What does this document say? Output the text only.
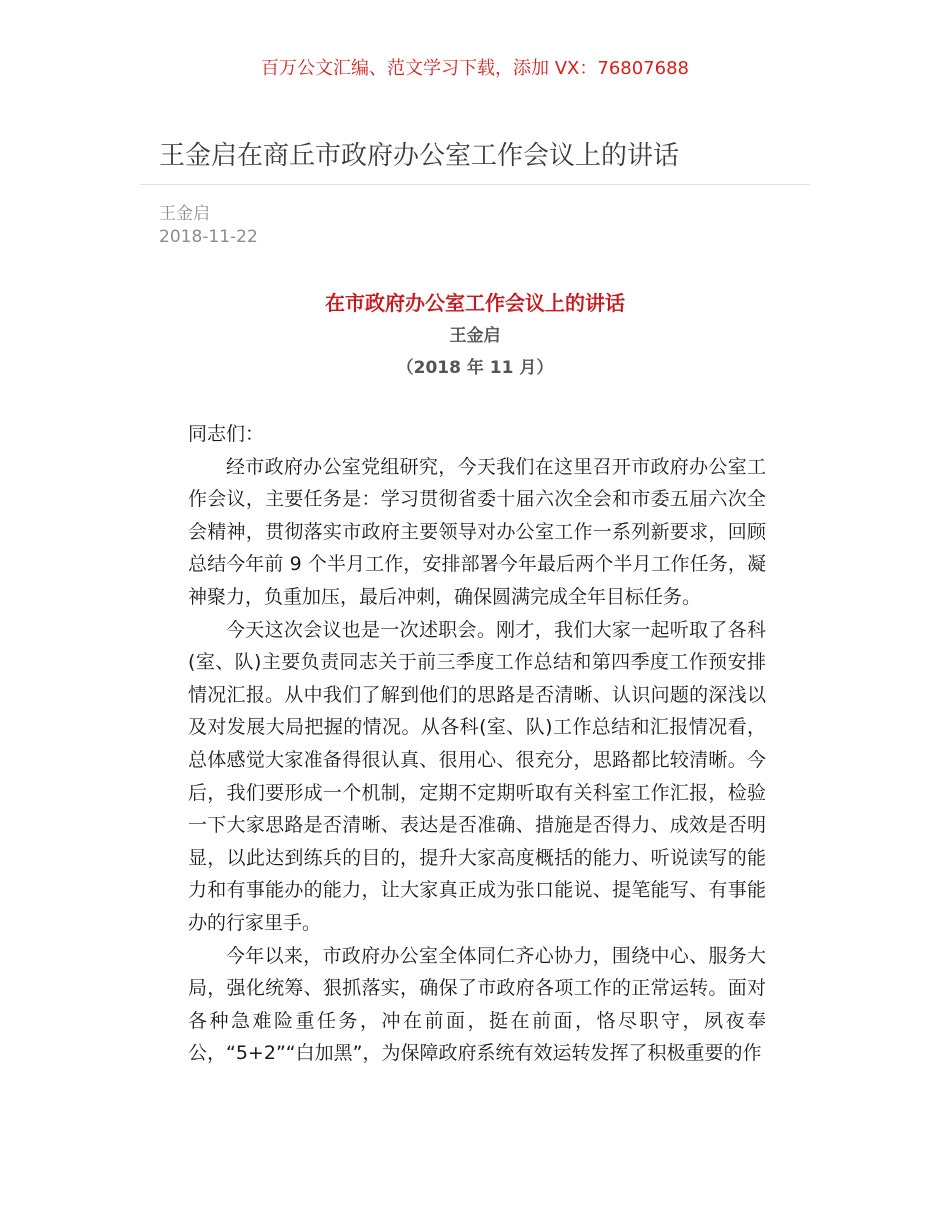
百万公文汇编、范文学习下载，添加 VX：76807688
王金启在商丘市政府办公室工作会议上的讲话
王金启
2018-11-22
在市政府办公室工作会议上的讲话
王金启
（2018 年 11 月）

同志们：

经市政府办公室党组研究，今天我们在这里召开市政府办公室工作会议，主要任务是：学习贯彻省委十届六次全会和市委五届六次全会精神，贯彻落实市政府主要领导对办公室工作一系列新要求，回顾总结今年前 9 个半月工作，安排部署今年最后两个半月工作任务，凝神聚力，负重加压，最后冲刺，确保圆满完成全年目标任务。

今天这次会议也是一次述职会。刚才，我们大家一起听取了各科(室、队)主要负责同志关于前三季度工作总结和第四季度工作预安排情况汇报。从中我们了解到他们的思路是否清晰、认识问题的深浅以及对发展大局把握的情况。从各科(室、队)工作总结和汇报情况看，总体感觉大家准备得很认真、很用心、很充分，思路都比较清晰。今后，我们要形成一个机制，定期不定期听取有关科室工作汇报，检验一下大家思路是否清晰、表达是否准确、措施是否得力、成效是否明显，以此达到练兵的目的，提升大家高度概括的能力、听说读写的能力和有事能办的能力，让大家真正成为张口能说、提笔能写、有事能办的行家里手。

今年以来，市政府办公室全体同仁齐心协力，围绕中心、服务大局，强化统筹、狠抓落实，确保了市政府各项工作的正常运转。面对各种急难险重任务，冲在前面，挺在前面，恪尽职守，夙夜奉公，“5+2”“白加黑”，为保障政府系统有效运转发挥了积极重要的作
